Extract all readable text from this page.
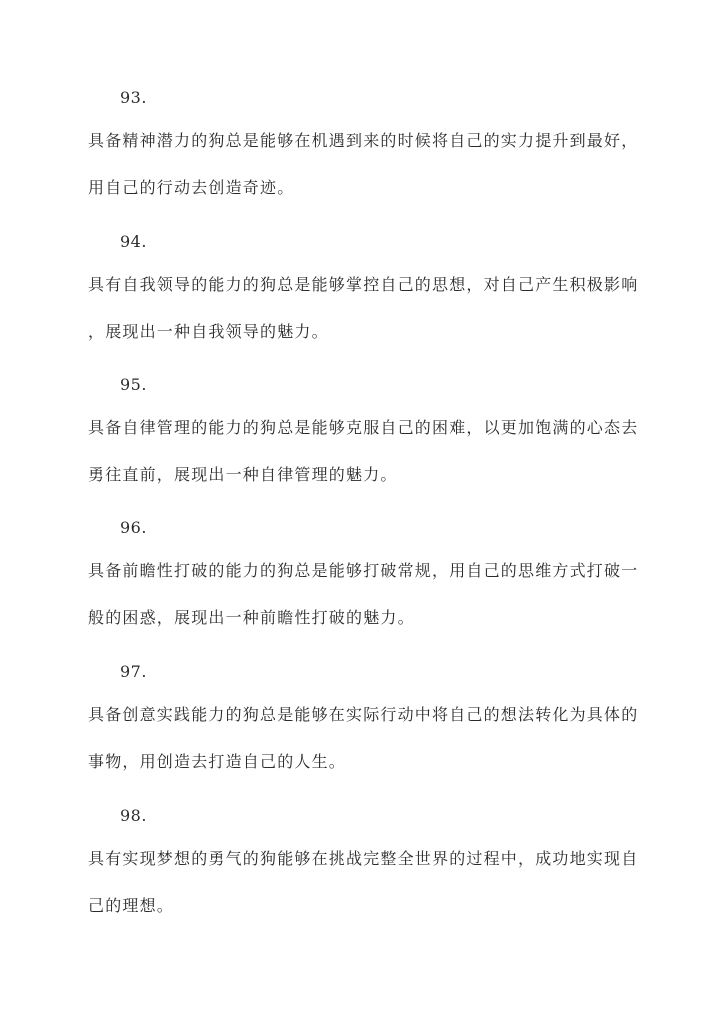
93.
具备精神潜力的狗总是能够在机遇到来的时候将自己的实力提升到最好，
用自己的行动去创造奇迹。
94.
具有自我领导的能力的狗总是能够掌控自己的思想，对自己产生积极影响
，展现出一种自我领导的魅力。
95.
具备自律管理的能力的狗总是能够克服自己的困难，以更加饱满的心态去
勇往直前，展现出一种自律管理的魅力。
96.
具备前瞻性打破的能力的狗总是能够打破常规，用自己的思维方式打破一
般的困惑，展现出一种前瞻性打破的魅力。
97.
具备创意实践能力的狗总是能够在实际行动中将自己的想法转化为具体的
事物，用创造去打造自己的人生。
98.
具有实现梦想的勇气的狗能够在挑战完整全世界的过程中，成功地实现自
己的理想。
